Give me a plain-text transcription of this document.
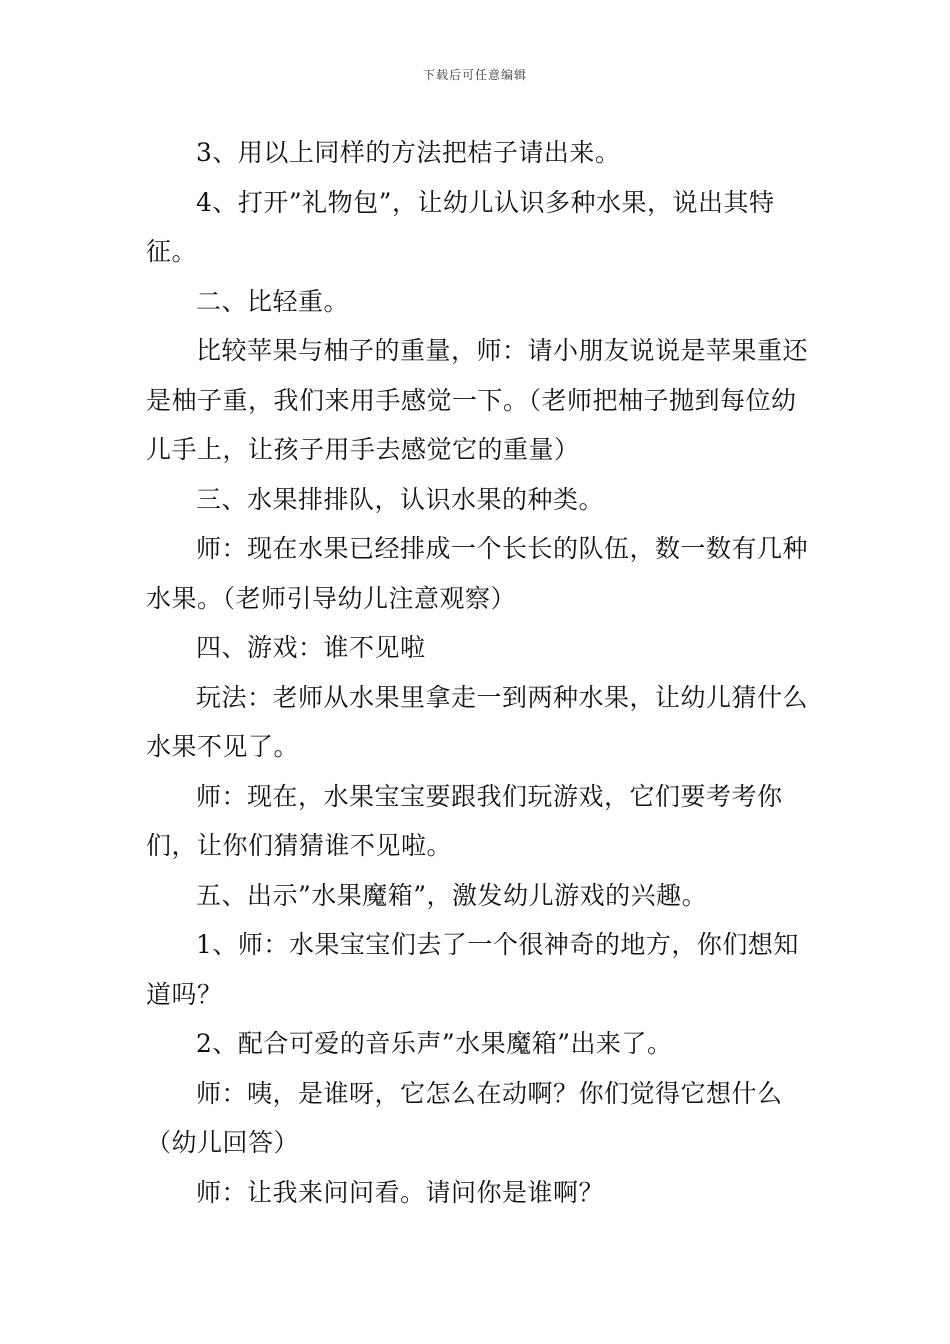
下载后可任意编辑

3、用以上同样的方法把桔子请出来。

4、打开”礼物包”，让幼儿认识多种水果，说出其特征。

二、比轻重。

比较苹果与柚子的重量，师：请小朋友说说是苹果重还是柚子重，我们来用手感觉一下。（老师把柚子抛到每位幼儿手上，让孩子用手去感觉它的重量）

三、水果排排队，认识水果的种类。

师：现在水果已经排成一个长长的队伍，数一数有几种水果。（老师引导幼儿注意观察）

四、游戏：谁不见啦

玩法：老师从水果里拿走一到两种水果，让幼儿猜什么水果不见了。

师：现在，水果宝宝要跟我们玩游戏，它们要考考你们，让你们猜猜谁不见啦。

五、出示”水果魔箱”，激发幼儿游戏的兴趣。

1、师：水果宝宝们去了一个很神奇的地方，你们想知道吗？

2、配合可爱的音乐声”水果魔箱”出来了。

师：咦，是谁呀，它怎么在动啊？你们觉得它想什么（幼儿回答）

师：让我来问问看。请问你是谁啊？
